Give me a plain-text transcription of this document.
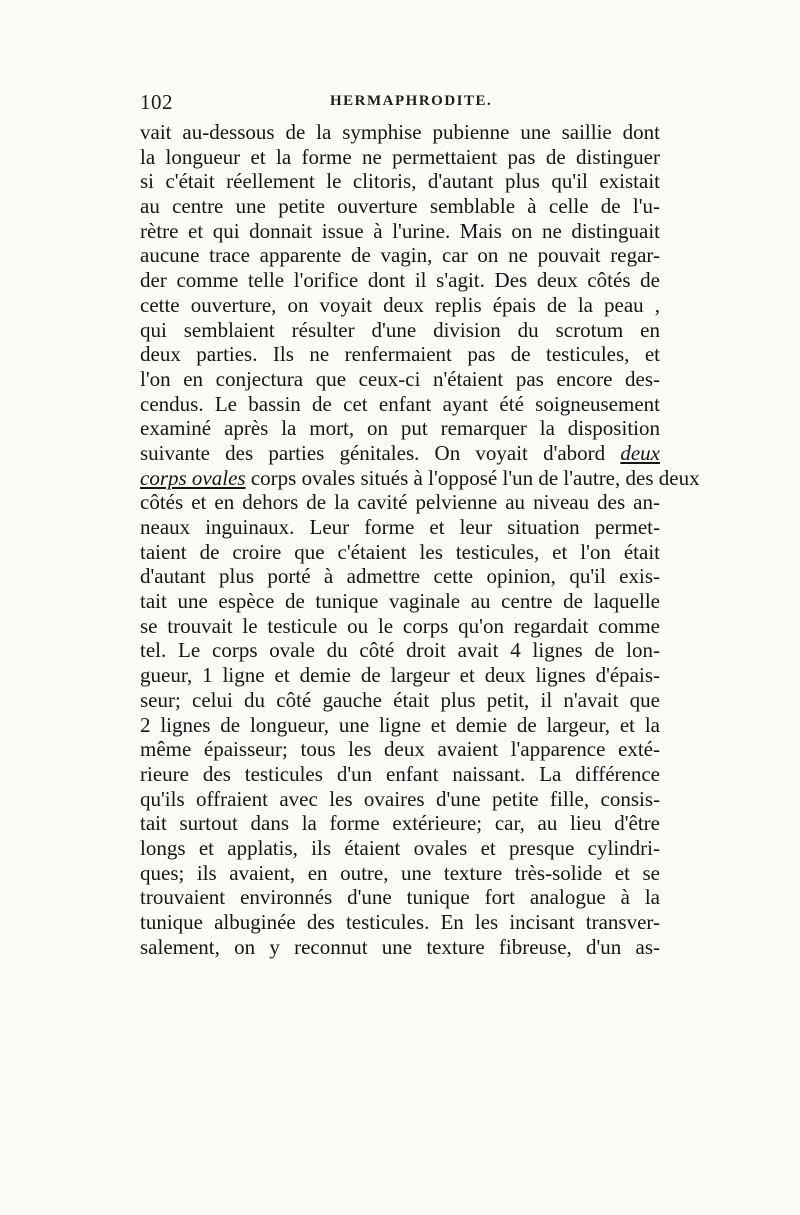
102	HERMAPHRODITE.
vait au-dessous de la symphise pubienne une saillie dont
la longueur et la forme ne permettaient pas de distinguer
si c'était réellement le clitoris, d'autant plus qu'il existait
au centre une petite ouverture semblable à celle de l'u-
rètre et qui donnait issue à l'urine. Mais on ne distinguait
aucune trace apparente de vagin, car on ne pouvait regar-
der comme telle l'orifice dont il s'agit. Des deux côtés de
cette ouverture, on voyait deux replis épais de la peau ,
qui semblaient résulter d'une division du scrotum en
deux parties. Ils ne renfermaient pas de testicules, et
l'on en conjectura que ceux-ci n'étaient pas encore des-
cendus. Le bassin de cet enfant ayant été soigneusement
examiné après la mort, on put remarquer la disposition
suivante des parties génitales. On voyait d'abord deux
corps ovales corps ovales situés à l'opposé l'un de l'autre, des deux
côtés et en dehors de la cavité pelvienne au niveau des an-
neaux inguinaux. Leur forme et leur situation permet-
taient de croire que c'étaient les testicules, et l'on était
d'autant plus porté à admettre cette opinion, qu'il exis-
tait une espèce de tunique vaginale au centre de laquelle
se trouvait le testicule ou le corps qu'on regardait comme
tel. Le corps ovale du côté droit avait 4 lignes de lon-
gueur, 1 ligne et demie de largeur et deux lignes d'épais-
seur; celui du côté gauche était plus petit, il n'avait que
2 lignes de longueur, une ligne et demie de largeur, et la
même épaisseur; tous les deux avaient l'apparence exté-
rieure des testicules d'un enfant naissant. La différence
qu'ils offraient avec les ovaires d'une petite fille, consis-
tait surtout dans la forme extérieure; car, au lieu d'être
longs et applatis, ils étaient ovales et presque cylindri-
ques; ils avaient, en outre, une texture très-solide et se
trouvaient environnés d'une tunique fort analogue à la
tunique albuginée des testicules. En les incisant transver-
salement, on y reconnut une texture fibreuse, d'un as-
